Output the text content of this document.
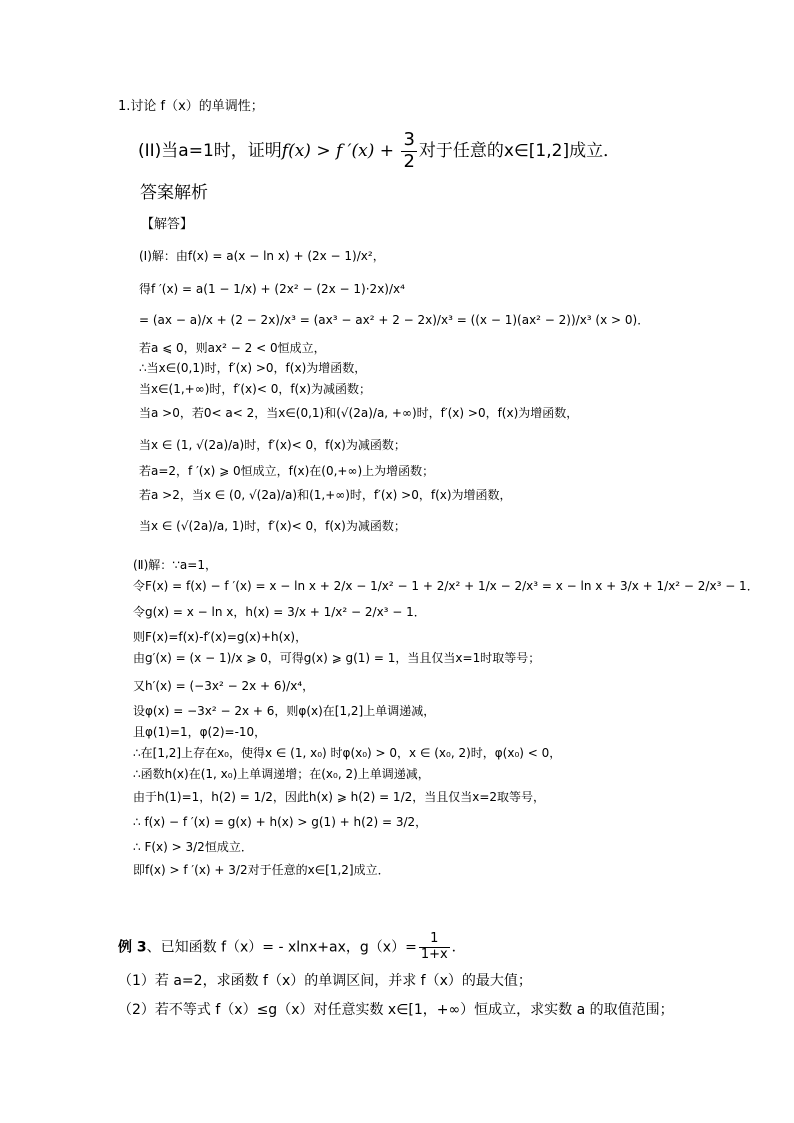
1.讨论 f（x）的单调性；
(II)当a=1时，证明f(x) > f $'(x) + \frac{3}{2}$ 对于任意的x∈[1,2]成立．
答案解析
【解答】
(Ⅰ)解：由f(x) = a(x − ln x) + (2x − 1)/x²，
得f ′(x) = a(1 − 1/x) + (2x² − (2x − 1)·2x)/x⁴
= (ax − a)/x + (2 − 2x)/x³ = (ax³ − ax² + 2 − 2x)/x³ = ((x − 1)(ax² − 2))/x³ (x > 0)．
若a ⩽ 0，则ax² − 2 < 0恒成立，
∴当x∈(0,1)时，f′(x) >0，f(x)为增函数，
当x∈(1,+∞)时，f′(x)< 0，f(x)为减函数；
当a >0，若0< a< 2，当x∈(0,1)和(√(2a)/a, +∞)时，f′(x) >0，f(x)为增函数，
当x ∈ (1, √(2a)/a)时，f′(x)< 0，f(x)为减函数；
若a=2，f ′(x) ⩾ 0恒成立，f(x)在(0,+∞)上为增函数；
若a >2，当x ∈ (0, √(2a)/a)和(1,+∞)时，f′(x) >0，f(x)为增函数，
当x ∈ (√(2a)/a, 1)时，f′(x)< 0，f(x)为减函数；
(Ⅱ)解：∵a=1，
令F(x) = f(x) − f ′(x) = x − ln x + 2/x − 1/x² − 1 + 2/x² + 1/x − 2/x³ = x − ln x + 3/x + 1/x² − 2/x³ − 1．
令g(x) = x − ln x，h(x) = 3/x + 1/x² − 2/x³ − 1．
则F(x)=f(x)-f′(x)=g(x)+h(x)，
由g′(x) = (x − 1)/x ⩾ 0，可得g(x) ⩾ g(1) = 1，当且仅当x=1时取等号；
又h′(x) = (−3x² − 2x + 6)/x⁴，
设φ(x) = −3x² − 2x + 6，则φ(x)在[1,2]上单调递减，
且φ(1)=1，φ(2)=-10，
∴在[1,2]上存在x₀，使得x ∈ (1, x₀) 时φ(x₀) > 0，x ∈ (x₀, 2)时，φ(x₀) < 0，
∴函数h(x)在(1, x₀)上单调递增；在(x₀, 2)上单调递减，
由于h(1)=1，h(2) = 1/2，因此h(x) ⩾ h(2) = 1/2，当且仅当x=2取等号，
∴ f(x) − f ′(x) = g(x) + h(x) > g(1) + h(2) = 3/2，
∴ F(x) > 3/2恒成立．
即f(x) > f ′(x) + 3/2对于任意的x∈[1,2]成立．
例 3、已知函数 f（x）= - xlnx+ax，$g(x)= \frac{1}{1+x}$ ．
（1）若 a=2，求函数 f（x）的单调区间，并求 f（x）的最大值；
（2）若不等式 f（x）≤g（x）对任意实数 x∈[1，+∞）恒成立，求实数 a 的取值范围；
